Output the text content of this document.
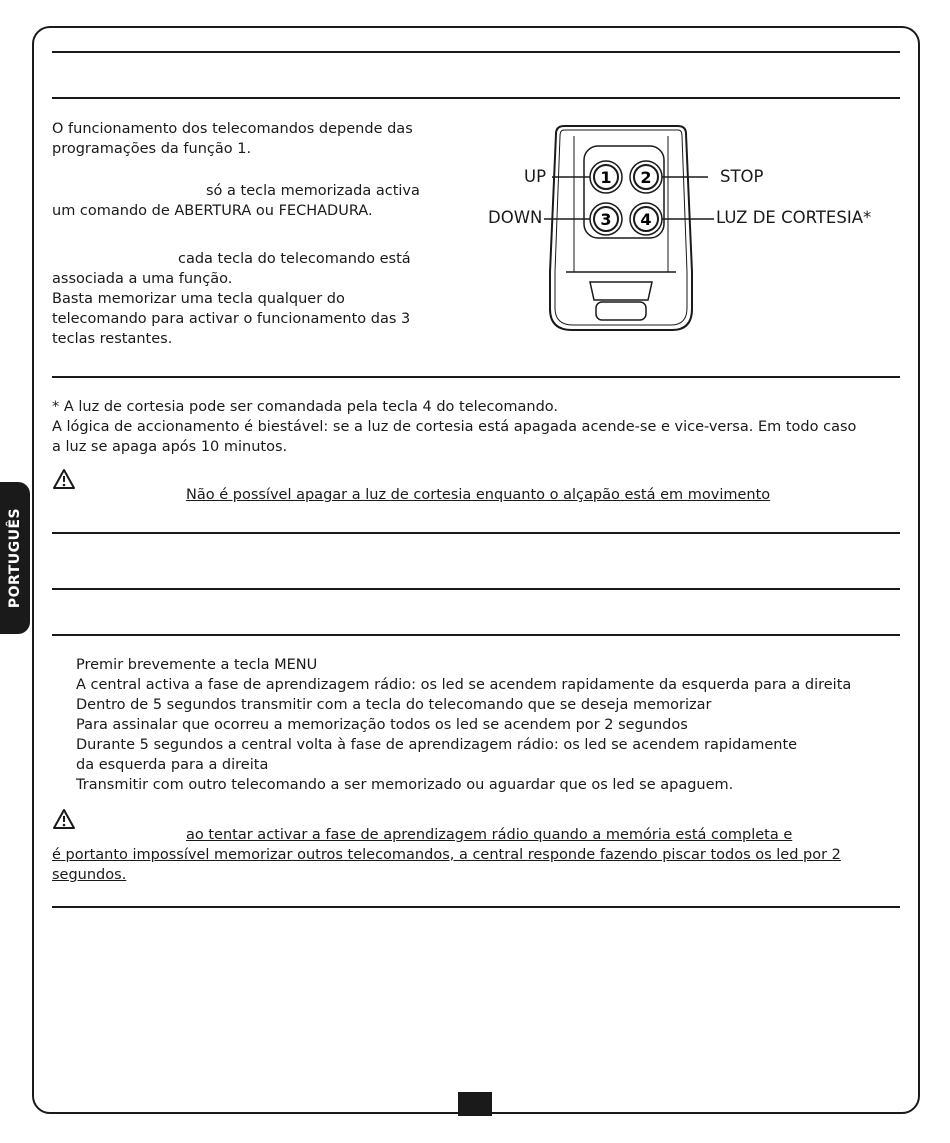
PORTUGUÊS
O funcionamento dos telecomandos depende das
programações da função 1.
só a tecla memorizada activa
um comando de ABERTURA ou FECHADURA.
cada tecla do telecomando está
associada a uma função.
Basta memorizar uma tecla qualquer do
telecomando para activar o funcionamento das 3
teclas restantes.
1 2
3 4
UP	STOP
DOWN	LUZ DE CORTESIA*
* A luz de cortesia pode ser comandada pela tecla 4 do telecomando.
A lógica de accionamento é biestável: se a luz de cortesia está apagada acende-se e vice-versa. Em todo caso
a luz se apaga após 10 minutos.
Não é possível apagar a luz de cortesia enquanto o alçapão está em movimento
Premir brevemente a tecla MENU
A central activa a fase de aprendizagem rádio: os led se acendem rapidamente da esquerda para a direita
Dentro de 5 segundos transmitir com a tecla do telecomando que se deseja memorizar
Para assinalar que ocorreu a memorização todos os led se acendem por 2 segundos
Durante 5 segundos a central volta à fase de aprendizagem rádio: os led se acendem rapidamente
da esquerda para a direita
Transmitir com outro telecomando a ser memorizado ou aguardar que os led se apaguem.
ao tentar activar a fase de aprendizagem rádio quando a memória está completa e
é portanto impossível memorizar outros telecomandos, a central responde fazendo piscar todos os led por 2
segundos.
